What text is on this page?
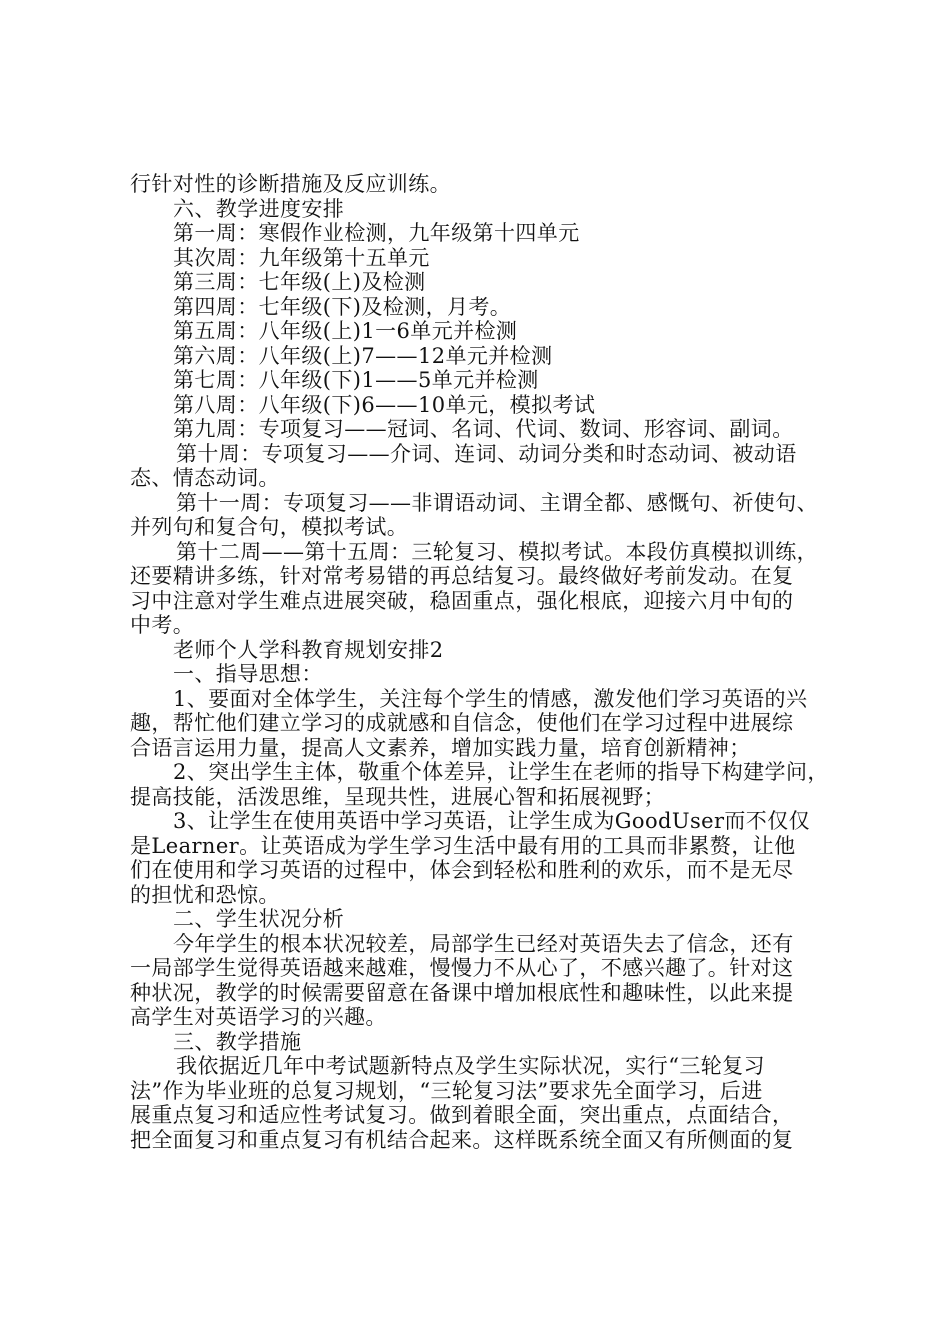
行针对性的诊断措施及反应训练。
六、教学进度安排
第一周：寒假作业检测，九年级第十四单元
其次周：九年级第十五单元
第三周：七年级(上)及检测
第四周：七年级(下)及检测，月考。
第五周：八年级(上)1一6单元并检测
第六周：八年级(上)7——12单元并检测
第七周：八年级(下)1——5单元并检测
第八周：八年级(下)6——10单元，模拟考试
第九周：专项复习——冠词、名词、代词、数词、形容词、副词。
第十周：专项复习——介词、连词、动词分类和时态动词、被动语
态、情态动词。
第十一周：专项复习——非谓语动词、主谓全都、感慨句、祈使句、
并列句和复合句，模拟考试。
第十二周——第十五周：三轮复习、模拟考试。本段仿真模拟训练，
还要精讲多练，针对常考易错的再总结复习。最终做好考前发动。在复
习中注意对学生难点进展突破，稳固重点，强化根底，迎接六月中旬的
中考。
老师个人学科教育规划安排2
一、指导思想：
1、要面对全体学生，关注每个学生的情感，激发他们学习英语的兴
趣，帮忙他们建立学习的成就感和自信念，使他们在学习过程中进展综
合语言运用力量，提高人文素养，增加实践力量，培育创新精神；
2、突出学生主体，敬重个体差异，让学生在老师的指导下构建学问，
提高技能，活泼思维，呈现共性，进展心智和拓展视野；
3、让学生在使用英语中学习英语，让学生成为GoodUser而不仅仅
是Learner。让英语成为学生学习生活中最有用的工具而非累赘，让他
们在使用和学习英语的过程中，体会到轻松和胜利的欢乐，而不是无尽
的担忧和恐惊。
二、学生状况分析
今年学生的根本状况较差，局部学生已经对英语失去了信念，还有
一局部学生觉得英语越来越难，慢慢力不从心了，不感兴趣了。针对这
种状况，教学的时候需要留意在备课中增加根底性和趣味性，以此来提
高学生对英语学习的兴趣。
三、教学措施
我依据近几年中考试题新特点及学生实际状况，实行“三轮复习
法”作为毕业班的总复习规划，“三轮复习法”要求先全面学习，后进
展重点复习和适应性考试复习。做到着眼全面，突出重点，点面结合，
把全面复习和重点复习有机结合起来。这样既系统全面又有所侧面的复
